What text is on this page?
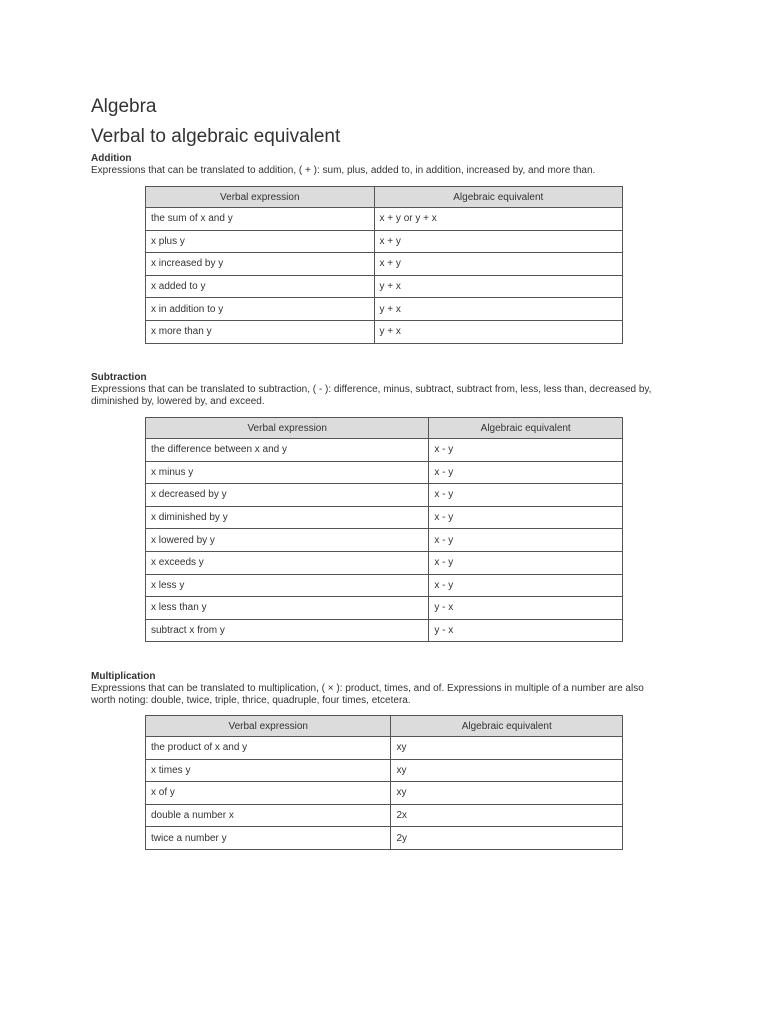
Algebra
Verbal to algebraic equivalent
Addition
Expressions that can be translated to addition, ( + ): sum, plus, added to, in addition, increased by, and more than.
Verbal expression	Algebraic equivalent
the sum of x and y	x + y or y + x
x plus y	x + y
x increased by y	x + y
x added to y	y + x
x in addition to y	y + x
x more than y	y + x
Subtraction
Expressions that can be translated to subtraction, ( - ): difference, minus, subtract, subtract from, less, less than, decreased by, diminished by, lowered by, and exceed.
Verbal expression	Algebraic equivalent
the difference between x and y	x - y
x minus y	x - y
x decreased by y	x - y
x diminished by y	x - y
x lowered by y	x - y
x exceeds y	x - y
x less y	x - y
x less than y	y - x
subtract x from y	y - x
Multiplication
Expressions that can be translated to multiplication, ( × ): product, times, and of. Expressions in multiple of a number are also worth noting: double, twice, triple, thrice, quadruple, four times, etcetera.
Verbal expression	Algebraic equivalent
the product of x and y	xy
x times y	xy
x of y	xy
double a number x	2x
twice a number y	2y
